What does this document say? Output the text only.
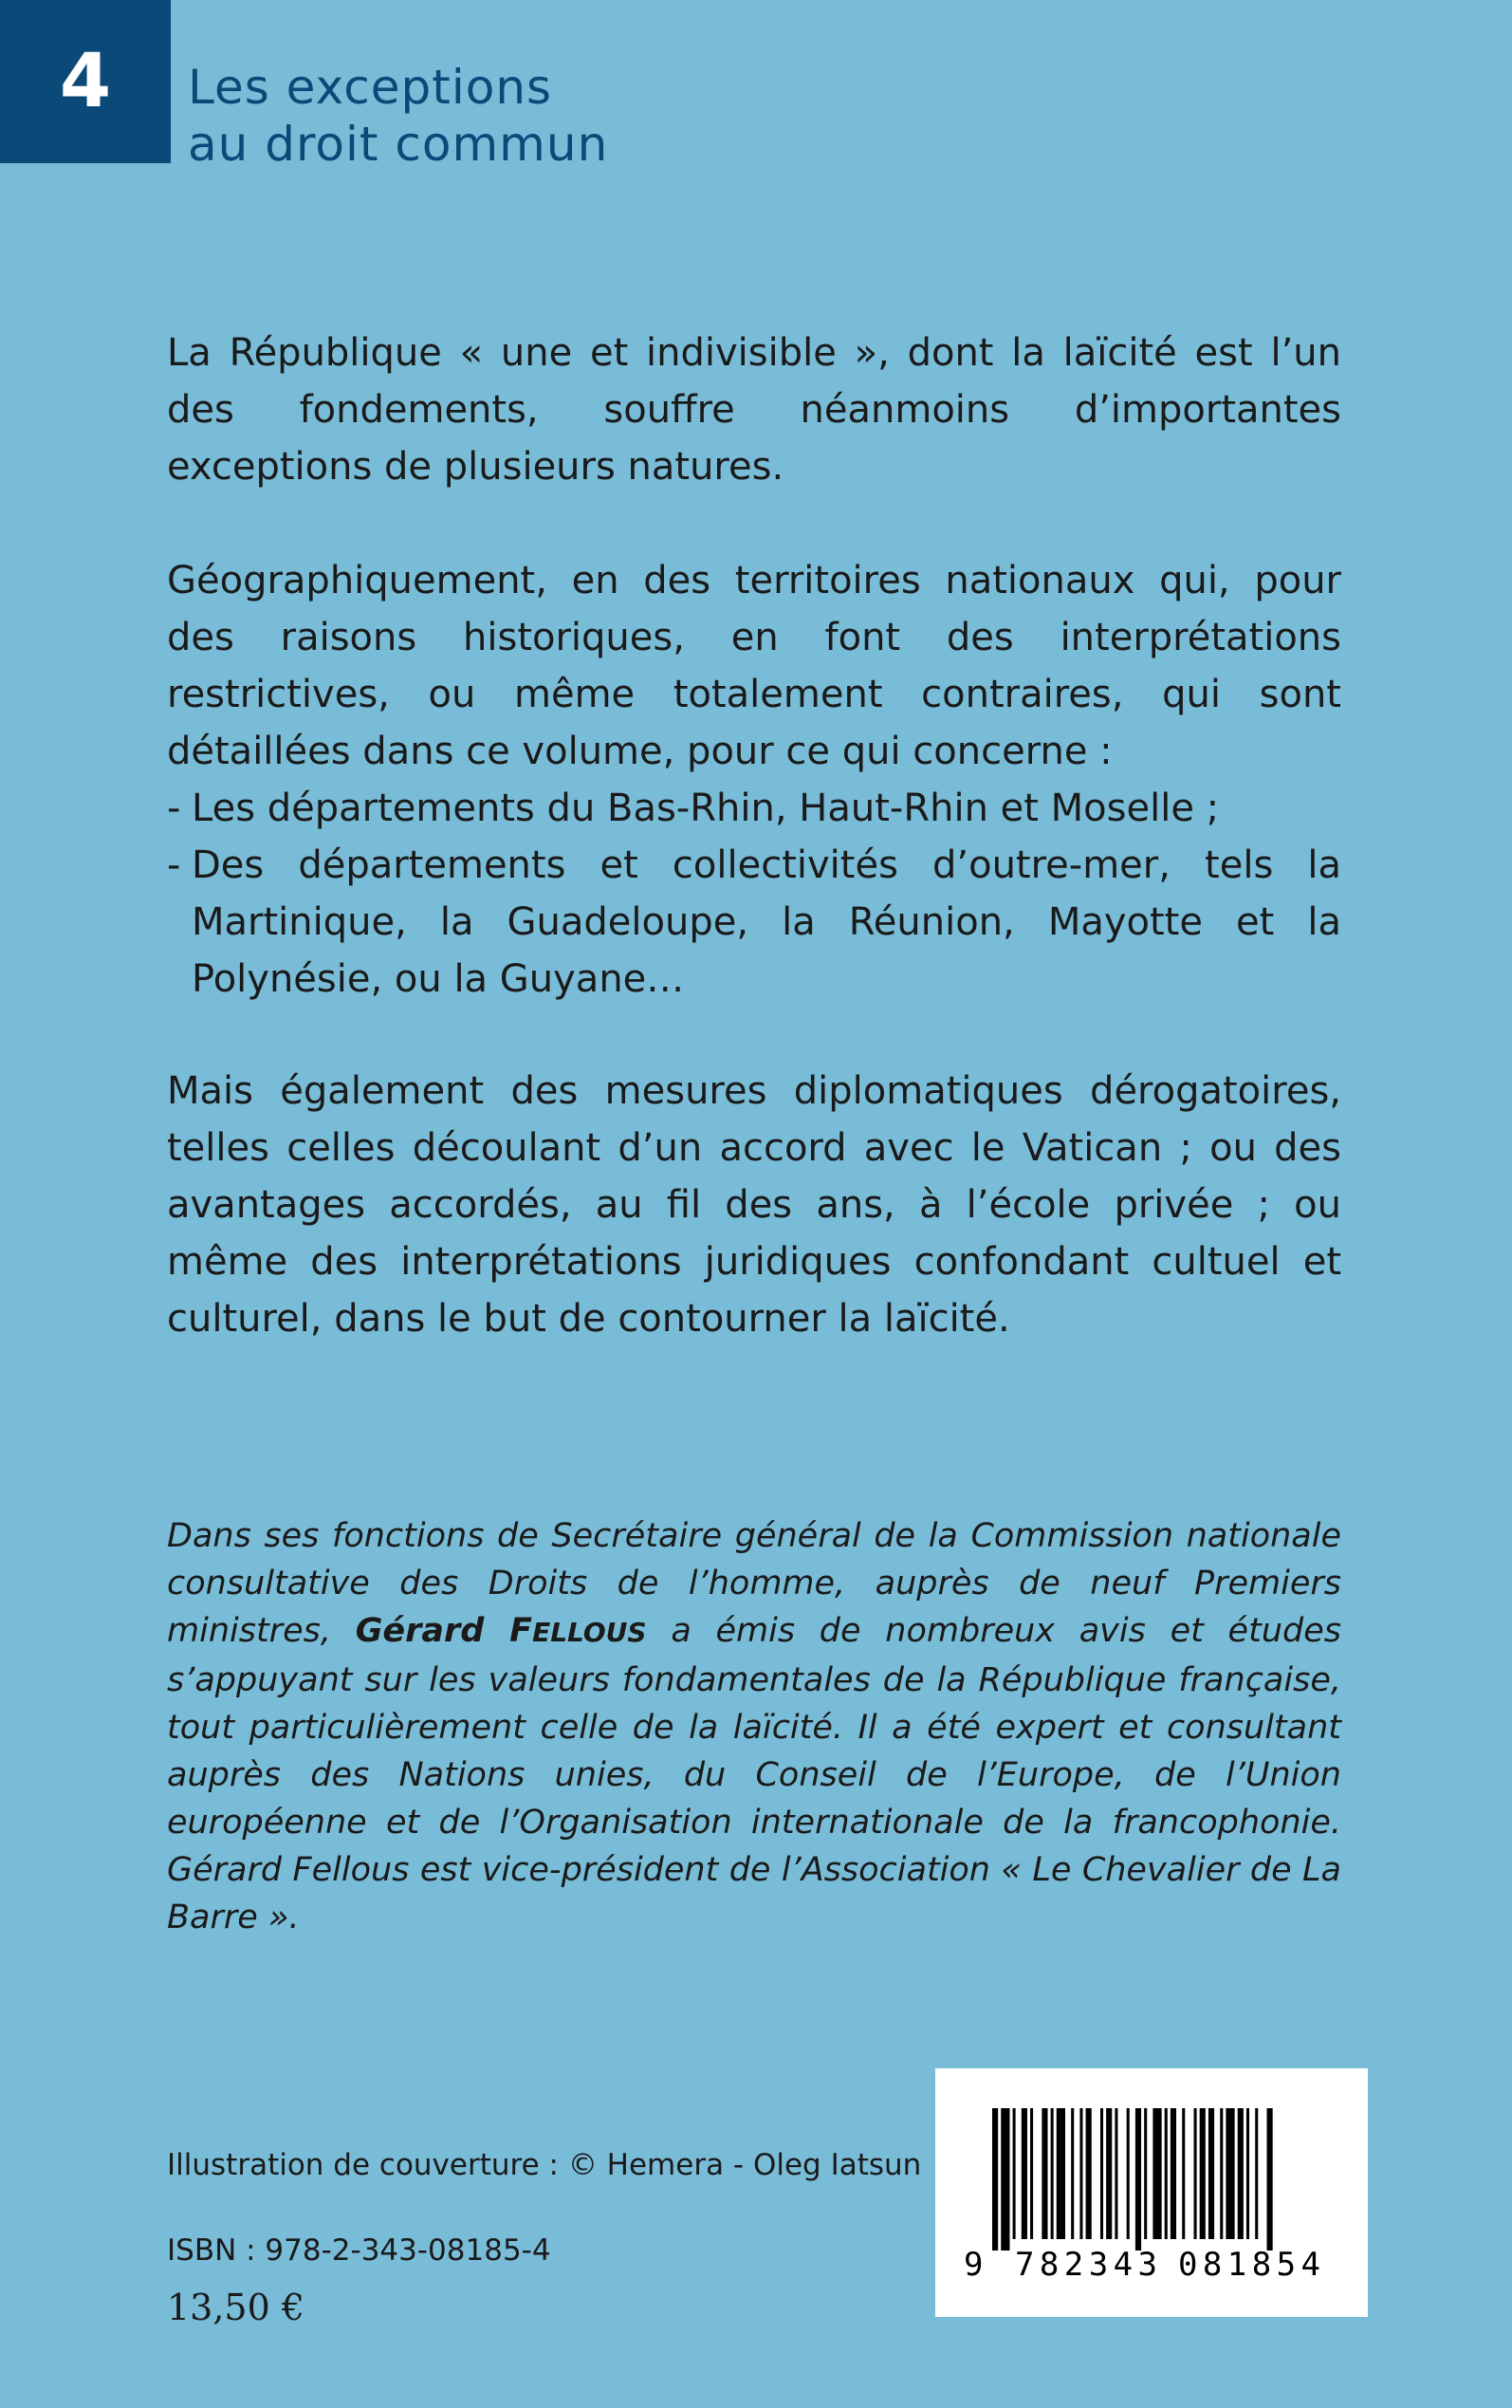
4 Les exceptions
au droit commun

La République « une et indivisible », dont la laïcité est l’un des fondements, souffre néanmoins d’importantes exceptions de plusieurs natures.

Géographiquement, en des territoires nationaux qui, pour des raisons historiques, en font des interprétations restrictives, ou même totalement contraires, qui sont détaillées dans ce volume, pour ce qui concerne :

- Les départements du Bas-Rhin, Haut-Rhin et Moselle ;
- Des départements et collectivités d’outre-mer, tels la Martinique, la Guadeloupe, la Réunion, Mayotte et la Polynésie, ou la Guyane…

Mais également des mesures diplomatiques dérogatoires, telles celles découlant d’un accord avec le Vatican ; ou des avantages accordés, au fil des ans, à l’école privée ; ou même des interprétations juridiques confondant cultuel et culturel, dans le but de contourner la laïcité.

Dans ses fonctions de Secrétaire général de la Commission nationale consultative des Droits de l’homme, auprès de neuf Premiers ministres, Gérard FELLOUS a émis de nombreux avis et études s’appuyant sur les valeurs fondamentales de la République française, tout particulièrement celle de la laïcité. Il a été expert et consultant auprès des Nations unies, du Conseil de l’Europe, de l’Union européenne et de l’Organisation internationale de la francophonie. Gérard Fellous est vice-président de l’Association « Le Chevalier de La Barre ».

Illustration de couverture : © Hemera - Oleg Iatsun
ISBN : 978-2-343-08185-4
13,50 €
9 782343 081854
